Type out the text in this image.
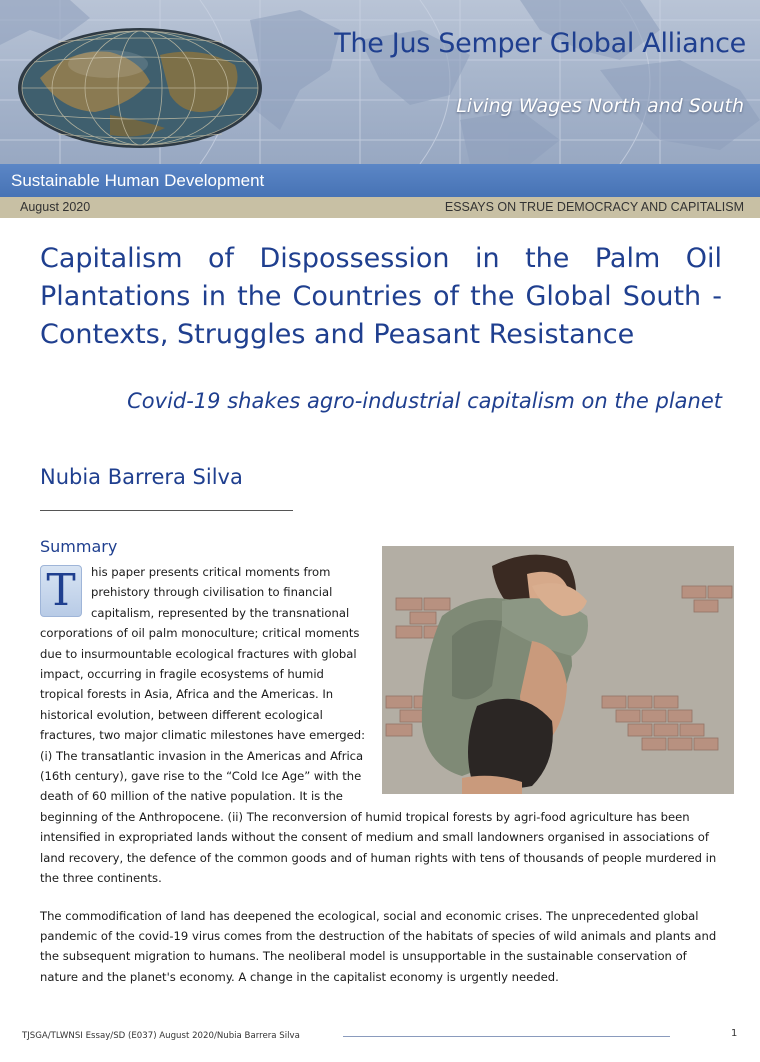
The Jus Semper Global Alliance
Living Wages North and South
Sustainable Human Development
August 2020	ESSAYS ON TRUE DEMOCRACY AND CAPITALISM
Capitalism of Dispossession in the Palm Oil Plantations in the Countries of the Global South - Contexts, Struggles and Peasant Resistance
Covid-19 shakes agro-industrial capitalism on the planet
Nubia Barrera Silva
Summary
T	his paper presents critical moments from prehistory through civilisation to financial capitalism, represented by the transnational corporations of oil palm monoculture; critical moments due to insurmountable ecological fractures with global impact, occurring in fragile ecosystems of humid tropical forests in Asia, Africa and the Americas. In historical evolution, between different ecological fractures, two major climatic milestones have emerged: (i) The transatlantic invasion in the Americas and Africa (16th century), gave rise to the “Cold Ice Age” with the death of 60 million of the native population. It is the beginning of the Anthropocene. (ii) The reconversion of humid tropical forests by agri-food agriculture has been intensified in expropriated lands without the consent of medium and small landowners organised in associations of land recovery, the defence of the common goods and of human rights with tens of thousands of people murdered in the three continents.

The commodification of land has deepened the ecological, social and economic crises. The unprecedented global pandemic of the covid-19 virus comes from the destruction of the habitats of species of wild animals and plants and the subsequent migration to humans. The neoliberal model is unsupportable in the sustainable conservation of nature and the planet's economy. A change in the capitalist economy is urgently needed.

TJSGA/TLWNSI Essay/SD (E037) August 2020/Nubia Barrera Silva	1
